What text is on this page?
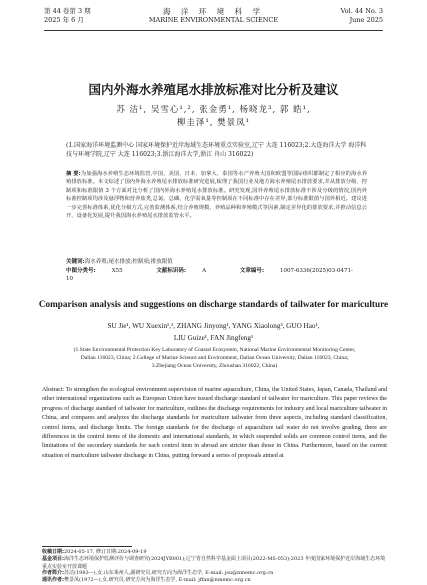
第 44 卷第 3 期
2025 年 6 月
海 洋 环 境 科 学
MARINE ENVIRONMENTAL SCIENCE
Vol. 44 No. 3
June 2025
国内外海水养殖尾水排放标准对比分析及建议
苏 洁¹, 吴雪心¹,², 张金勇¹, 杨晓龙³, 郭 皓¹,
柳圭泽¹, 樊景凤¹
(1.国家海洋环境监测中心 国家环境保护近岸海域生态环境重点实验室,辽宁 大连 116023;2.大连海洋大学 海洋科技与环境学院,辽宁 大连 116023;3.浙江海洋大学,浙江 舟山 316022)
摘 要:为加强海水养殖生态环境监管,中国、美国、日本、加拿大、泰国等水产养殖大国和欧盟等国际组织都制定了相应的海水养殖排放标准。本文综述了国内外海水养殖尾水排放标准研究进展,梳理了我国行业及地方海水养殖尾水排放要求,并从排放分级、控制项和标准限值 3 个方面对比分析了国内外海水养殖尾水排放标准。研究发现,国外养殖尾水排放标准不涉及分级的情况,国内外标准控制项均涉及悬浮物和营养盐类,总氮、总磷、化学需氧量等控制项在不同标准中存在差异,部分标准限值与国外相近。建议进一步完善标准体系,优化分级方式,完善监测体系,结合养殖规模、养殖品种和养殖模式等因素,制定差异化的排放要求,并推动信息公开、设备化发展,提升我国海水养殖尾水排放监管水平。
关键词:海水养殖;尾水排放;控制项;排放限值
中图分类号:	X55	文献标识码:	A	文章编号:	1007-6336(2025)03-0471-10
Comparison analysis and suggestions on discharge standards of tailwater for mariculture
SU Jie¹, WU Xuexin¹,², ZHANG Jinyong¹, YANG Xiaolong³, GUO Hao¹,
LIU Guize¹, FAN Jingfeng¹
(1.State Environmental Protection Key Laboratory of Coastal Ecosystem, National Marine Environmental Monitoring Center,
Dalian 116023, China; 2.College of Marine Science and Environment, Dalian Ocean University, Dalian 116023, China;
3.Zhejiang Ocean University, Zhoushan 316022, China)
Abstract: To strengthen the ecological environment supervision of marine aquaculture, China, the United States, Japan, Canada, Thailand and other international organizations such as European Union have issued discharge standard of tailwater for mariculture. This paper reviews the progress of discharge standard of tailwater for mariculture, outlines the discharge requirements for industry and local mariculture tailwater in China, and compares and analyzes the discharge standards for mariculture tailwater from three aspects, including standard classification, control items, and discharge limits. The foreign standards for the discharge of aquaculture tail water do not involve grading, there are differences in the control items of the domestic and international standards, in which suspended solids are common control items, and the limitations of the secondary standards for each control item in abroad are stricter than those in China. Furthermore, based on the current situation of mariculture tailwater discharge in China, putting forward a series of proposals aimed at
收稿日期:2024-05-17, 修订日期:2024-09-19
基金项目:海洋生态环境保护监测评价与调查研究(2024JYB001);辽宁省自然科学基金面上项目(2022-MS-053);2023 年度国家环境保护近岸海域生态环境重点实验室开放课题
作者简介:苏洁(1983—),女,山东莱州人,副研究员,研究方向为海洋生态学, E-mail: jsu@nmemc.org.cn
通讯作者:樊景凤(1972—),女,研究员,研究方向为海洋生态学, E-mail: jffan@nmemc.org.cn
